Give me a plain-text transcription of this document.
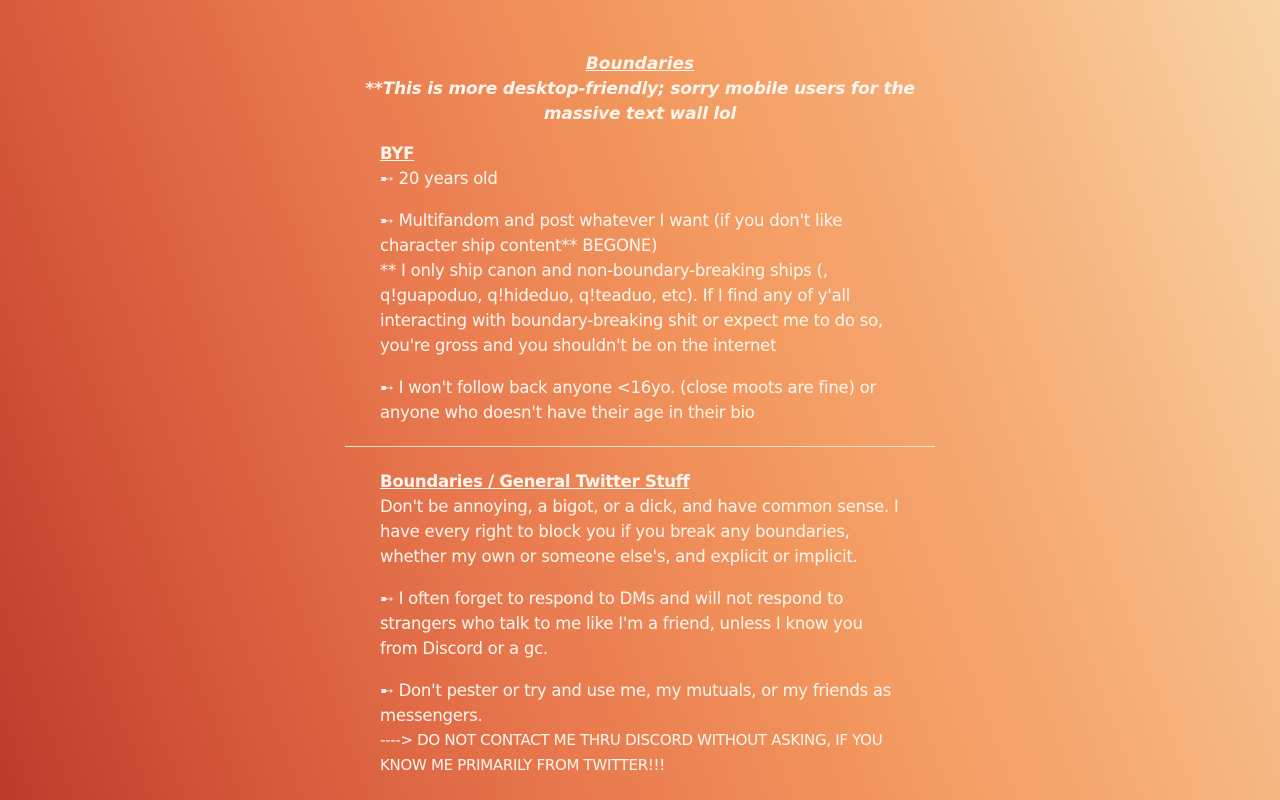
Boundaries

**This is more desktop-friendly; sorry mobile users for the massive text wall lol

BYF

➸ 20 years old

➸ Multifandom and post whatever I want (if you don't like character ship content** BEGONE)

** I only ship canon and non-boundary-breaking ships (, q!guapoduo, q!hideduo, q!teaduo, etc). If I find any of y'all interacting with boundary-breaking shit or expect me to do so, you're gross and you shouldn't be on the internet

➸ I won't follow back anyone <16yo. (close moots are fine) or anyone who doesn't have their age in their bio

Boundaries / General Twitter Stuff

Don't be annoying, a bigot, or a dick, and have common sense. I have every right to block you if you break any boundaries, whether my own or someone else's, and explicit or implicit.

➸ I often forget to respond to DMs and will not respond to strangers who talk to me like I'm a friend, unless I know you from Discord or a gc.

➸ Don't pester or try and use me, my mutuals, or my friends as messengers.

----> DO NOT CONTACT ME THRU DISCORD WITHOUT ASKING, IF YOU KNOW ME PRIMARILY FROM TWITTER!!!
